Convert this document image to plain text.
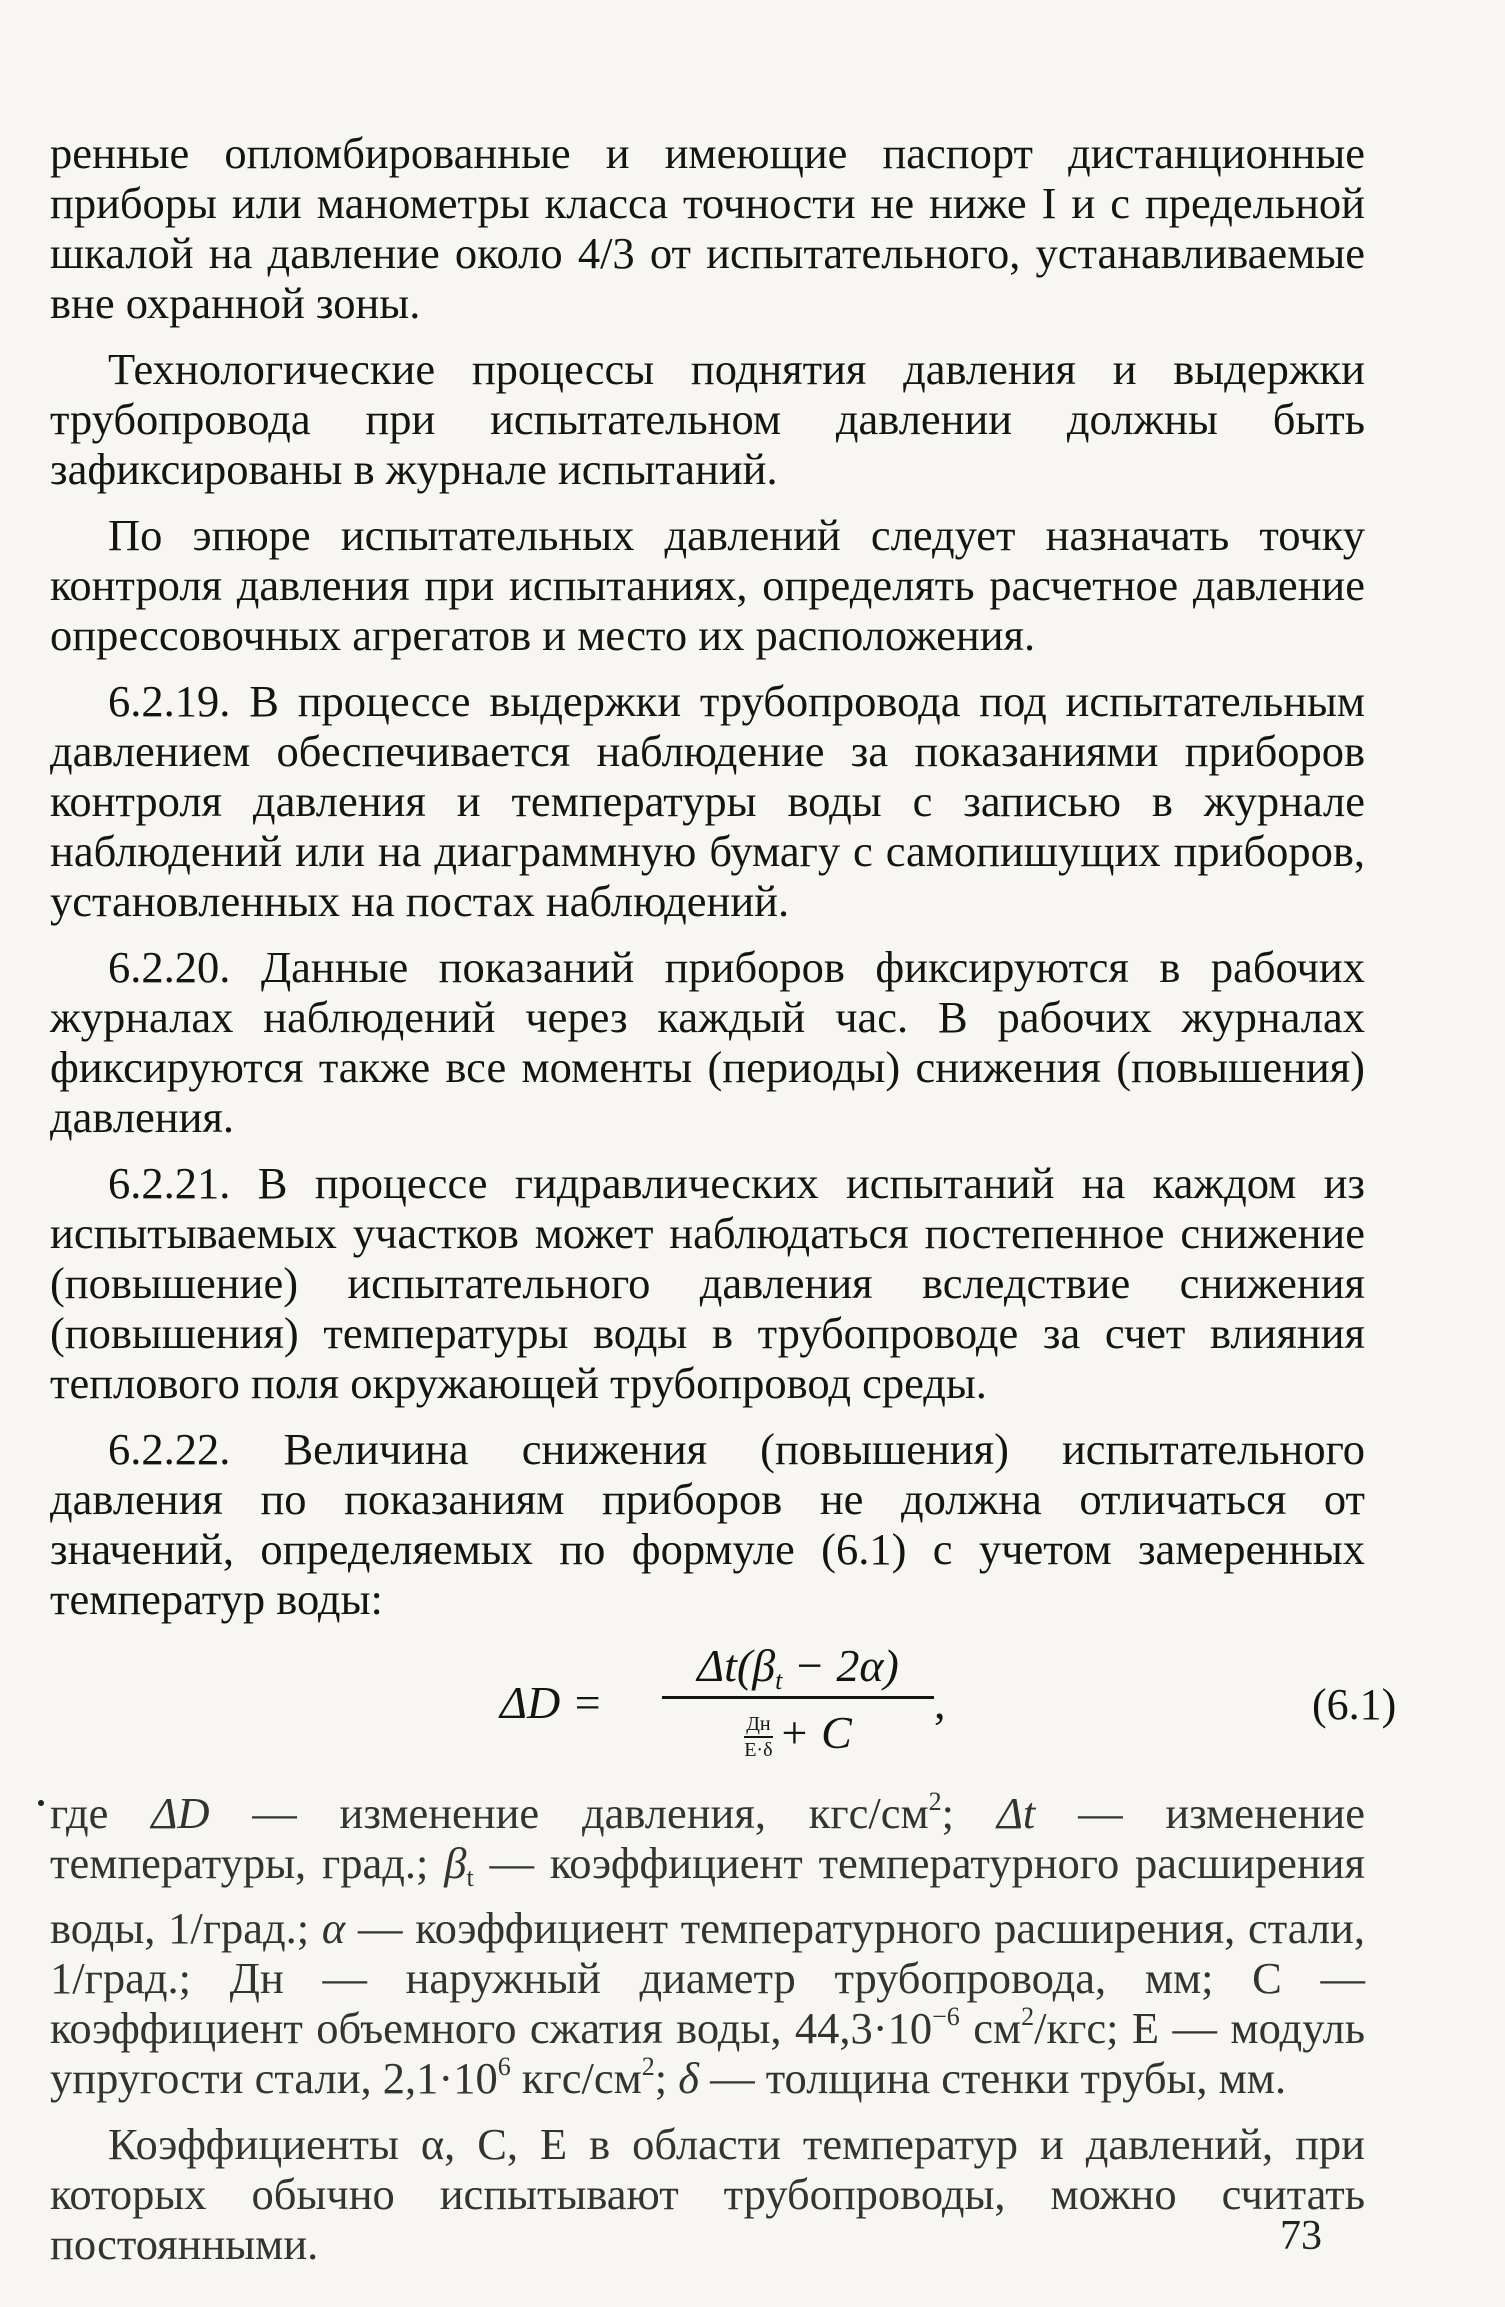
ренные опломбированные и имеющие паспорт дистанционные приборы или манометры класса точности не ниже I и с предельной шкалой на давление около 4/3 от испытательного, устанавливаемые вне охранной зоны.

Технологические процессы поднятия давления и выдержки трубопровода при испытательном давлении должны быть зафиксированы в журнале испытаний.

По эпюре испытательных давлений следует назначать точку контроля давления при испытаниях, определять расчетное давление опрессовочных агрегатов и место их расположения.

6.2.19. В процессе выдержки трубопровода под испытательным давлением обеспечивается наблюдение за показаниями приборов контроля давления и температуры воды с записью в журнале наблюдений или на диаграммную бумагу с самопишущих приборов, установленных на постах наблюдений.

6.2.20. Данные показаний приборов фиксируются в рабочих журналах наблюдений через каждый час. В рабочих журналах фиксируются также все моменты (периоды) снижения (повышения) давления.

6.2.21. В процессе гидравлических испытаний на каждом из испытываемых участков может наблюдаться постепенное снижение (повышение) испытательного давления вследствие снижения (повышения) температуры воды в трубопроводе за счет влияния теплового поля окружающей трубопровод среды.

6.2.22. Величина снижения (повышения) испытательного давления по показаниям приборов не должна отличаться от значений, определяемых по формуле (6.1) с учетом замеренных температур воды:

ΔD =
$\Delta t(\beta_t - 2\alpha)$
Дн
E·δ + C
,	(6.1)

где ΔD — изменение давления, кгс/$см^2$; Δt — изменение температуры, град.; $\beta_t$ — коэффициент температурного расширения воды, 1/град.; α — коэффициент температурного расширения, стали, 1/град.; Дн — наружный диаметр трубопровода, мм; С — коэффициент объемного сжатия воды, $44,3\cdot 10^{-6}$ $см^2$/кгс; Е — модуль упругости стали, $2,1\cdot 10^6$ кгс/$см^2$; δ — толщина стенки трубы, мм.

Коэффициенты α, С, Е в области температур и давлений, при которых обычно испытывают трубопроводы, можно считать постоянными.	73
